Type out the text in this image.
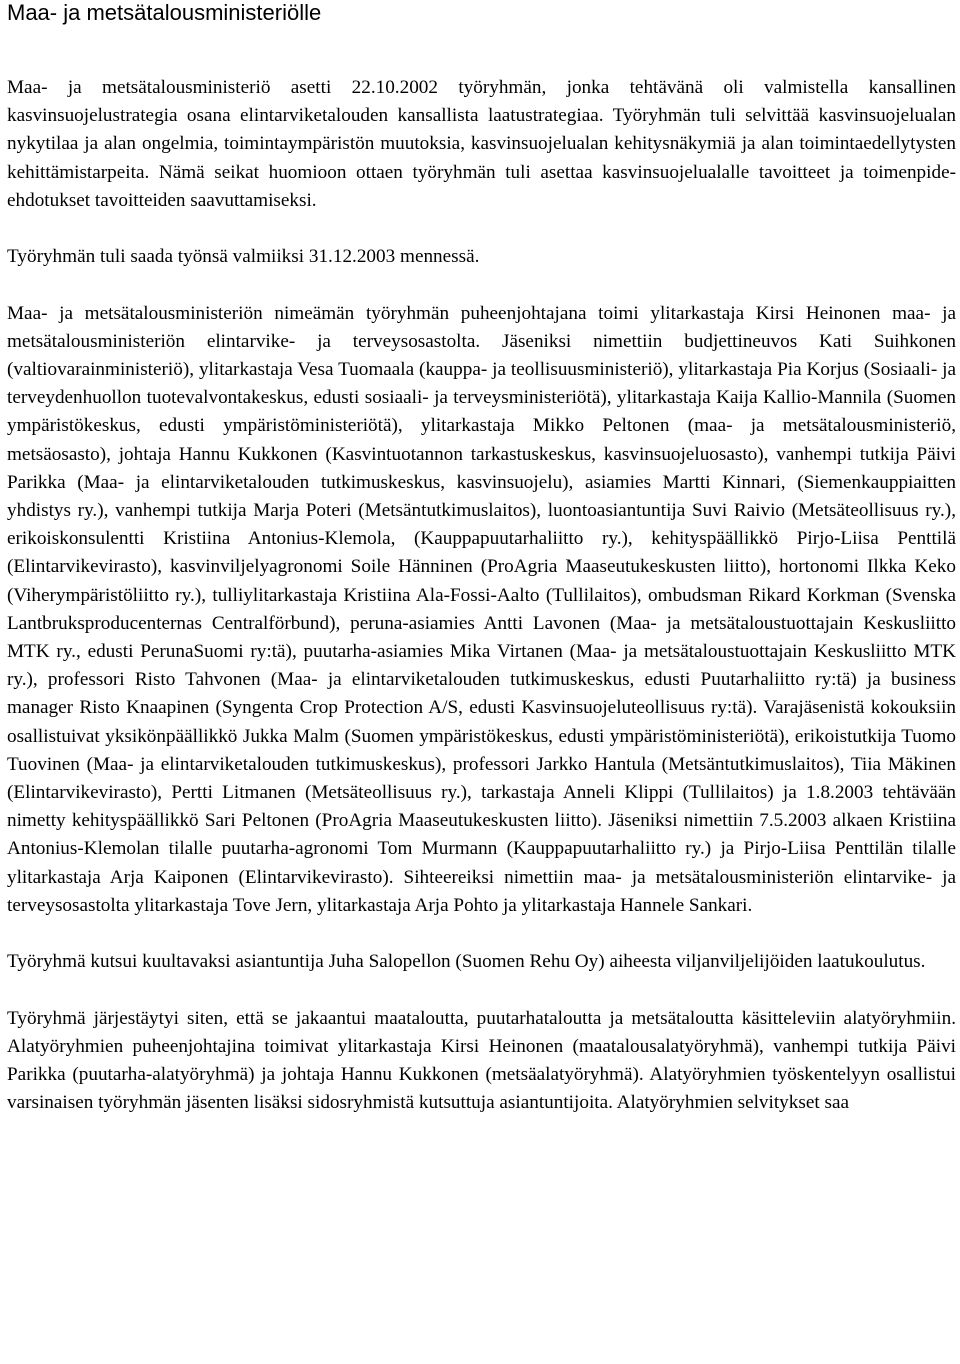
Maa- ja metsätalousministeriölle

Maa- ja metsätalousministeriö asetti 22.10.2002 työryhmän, jonka tehtävänä oli valmistella kansallinen kasvinsuojelustrategia osana elintarviketalouden kansallista laatustrategiaa. Työryhmän tuli selvittää kasvinsuojelualan nykytilaa ja alan ongelmia, toimintaympäristön muutoksia, kasvinsuojelualan kehitysnäkymiä ja alan toimintaedellytysten kehittämistarpeita. Nämä seikat huomioon ottaen työryhmän tuli asettaa kasvinsuojelualalle tavoitteet ja toimenpide-ehdotukset tavoitteiden saavuttamiseksi.

Työryhmän tuli saada työnsä valmiiksi 31.12.2003 mennessä.

Maa- ja metsätalousministeriön nimeämän työryhmän puheenjohtajana toimi ylitarkastaja Kirsi Heinonen maa- ja metsätalousministeriön elintarvike- ja terveysosastolta. Jäseniksi nimettiin budjettineuvos Kati Suihkonen (valtiovarainministeriö), ylitarkastaja Vesa Tuomaala (kauppa- ja teollisuusministeriö), ylitarkastaja Pia Korjus (Sosiaali- ja terveydenhuollon tuotevalvontakeskus, edusti sosiaali- ja terveysministeriötä), ylitarkastaja Kaija Kallio-Mannila (Suomen ympäristökeskus, edusti ympäristöministeriötä), ylitarkastaja Mikko Peltonen (maa- ja metsätalousministeriö, metsäosasto), johtaja Hannu Kukkonen (Kasvintuotannon tarkastuskeskus, kasvinsuojeluosasto), vanhempi tutkija Päivi Parikka (Maa- ja elintarviketalouden tutkimuskeskus, kasvinsuojelu), asiamies Martti Kinnari, (Siemenkauppiaitten yhdistys ry.), vanhempi tutkija Marja Poteri (Metsäntutkimuslaitos), luontoasiantuntija Suvi Raivio (Metsäteollisuus ry.), erikoiskonsulentti Kristiina Antonius-Klemola, (Kauppapuutarhaliitto ry.), kehityspäällikkö Pirjo-Liisa Penttilä (Elintarvikevirasto), kasvinviljelyagronomi Soile Hänninen (ProAgria Maaseutukeskusten liitto), hortonomi Ilkka Keko (Viherympäristöliitto ry.), tulliylitarkastaja Kristiina Ala-Fossi-Aalto (Tullilaitos), ombudsman Rikard Korkman (Svenska Lantbruksproducenternas Centralförbund), peruna-asiamies Antti Lavonen (Maa- ja metsätaloustuottajain Keskusliitto MTK ry., edusti PerunaSuomi ry:tä), puutarha-asiamies Mika Virtanen (Maa- ja metsätaloustuottajain Keskusliitto MTK ry.), professori Risto Tahvonen (Maa- ja elintarviketalouden tutkimuskeskus, edusti Puutarhaliitto ry:tä) ja business manager Risto Knaapinen (Syngenta Crop Protection A/S, edusti Kasvinsuojeluteollisuus ry:tä). Varajäsenistä kokouksiin osallistuivat yksikönpäällikkö Jukka Malm (Suomen ympäristökeskus, edusti ympäristöministeriötä), erikoistutkija Tuomo Tuovinen (Maa- ja elintarviketalouden tutkimuskeskus), professori Jarkko Hantula (Metsäntutkimuslaitos), Tiia Mäkinen (Elintarvikevirasto), Pertti Litmanen (Metsäteollisuus ry.), tarkastaja Anneli Klippi (Tullilaitos) ja 1.8.2003 tehtävään nimetty kehityspäällikkö Sari Peltonen (ProAgria Maaseutukeskusten liitto). Jäseniksi nimettiin 7.5.2003 alkaen Kristiina Antonius-Klemolan tilalle puutarha-agronomi Tom Murmann (Kauppapuutarhaliitto ry.) ja Pirjo-Liisa Penttilän tilalle ylitarkastaja Arja Kaiponen (Elintarvikevirasto). Sihteereiksi nimettiin maa- ja metsätalousministeriön elintarvike- ja terveysosastolta ylitarkastaja Tove Jern, ylitarkastaja Arja Pohto ja ylitarkastaja Hannele Sankari.

Työryhmä kutsui kuultavaksi asiantuntija Juha Salopellon (Suomen Rehu Oy) aiheesta viljanviljelijöiden laatukoulutus.

Työryhmä järjestäytyi siten, että se jakaantui maataloutta, puutarhataloutta ja metsätaloutta käsitteleviin alatyöryhmiin. Alatyöryhmien puheenjohtajina toimivat ylitarkastaja Kirsi Heinonen (maatalousalatyöryhmä), vanhempi tutkija Päivi Parikka (puutarha-alatyöryhmä) ja johtaja Hannu Kukkonen (metsäalatyöryhmä). Alatyöryhmien työskentelyyn osallistui varsinaisen työryhmän jäsenten lisäksi sidosryhmistä kutsuttuja asiantuntijoita. Alatyöryhmien selvitykset saa
